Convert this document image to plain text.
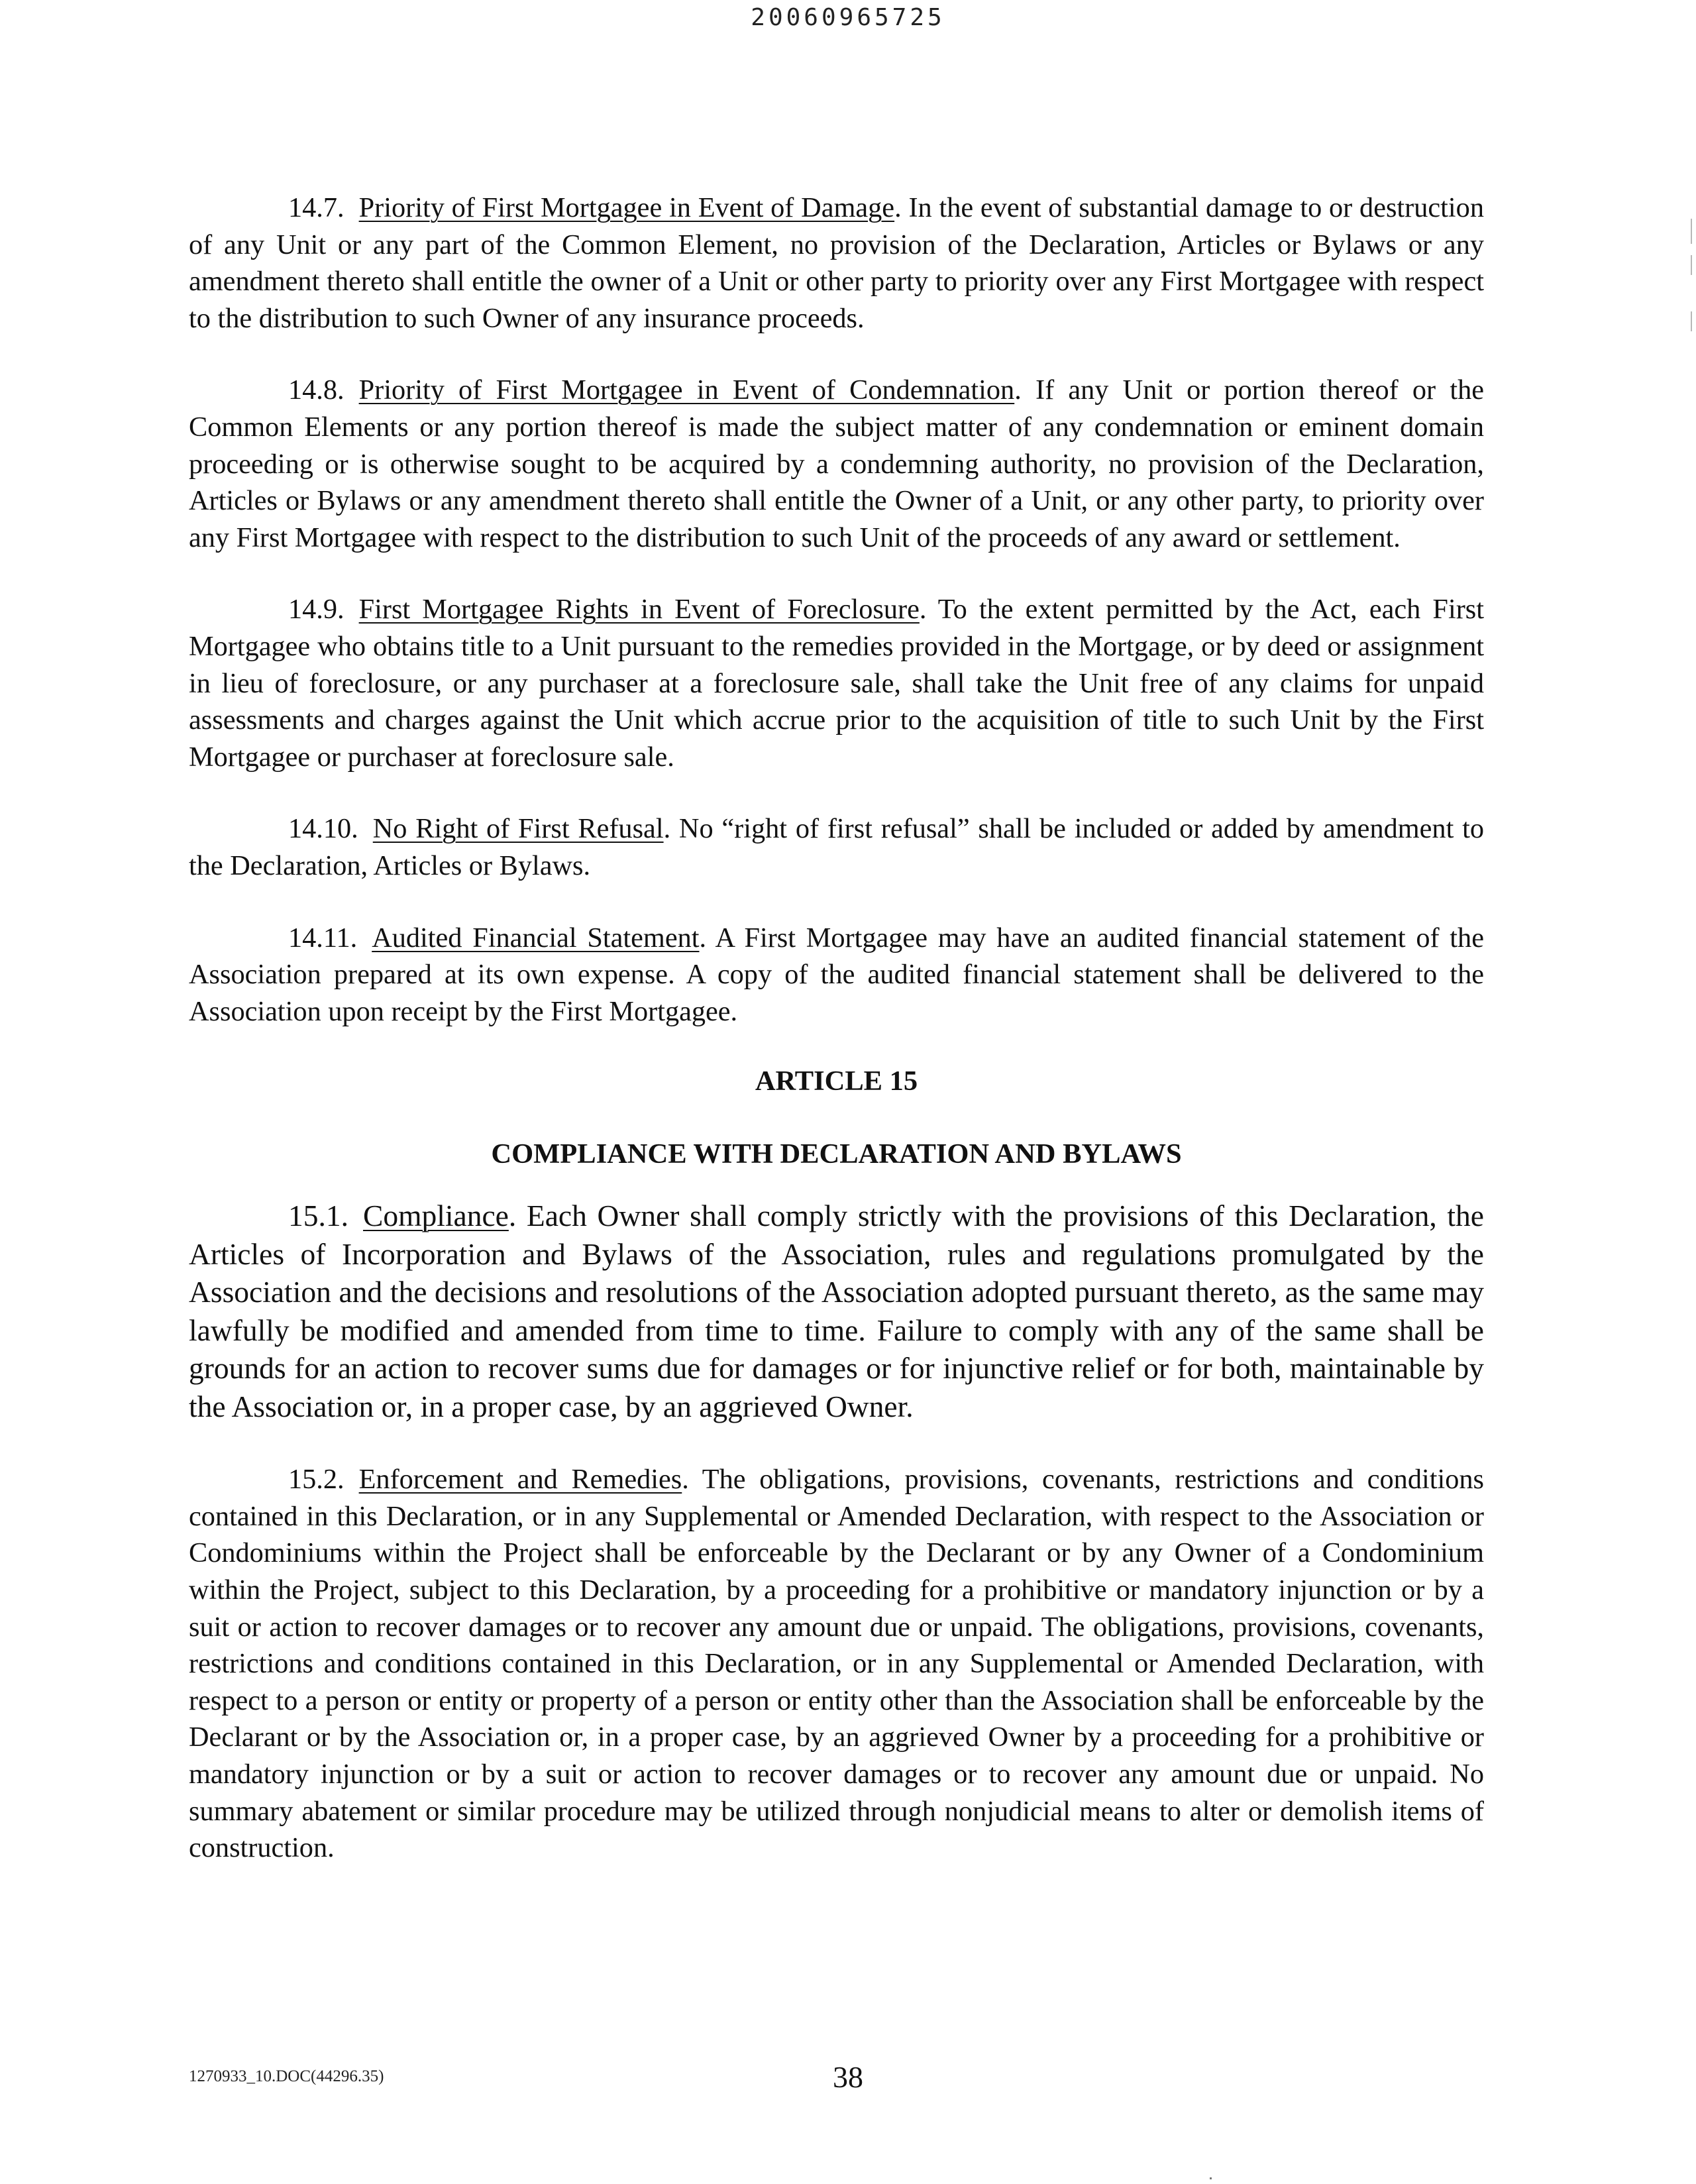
20060965725

14.7. Priority of First Mortgagee in Event of Damage. In the event of substantial damage to or destruction of any Unit or any part of the Common Element, no provision of the Declaration, Articles or Bylaws or any amendment thereto shall entitle the owner of a Unit or other party to priority over any First Mortgagee with respect to the distribution to such Owner of any insurance proceeds.

14.8. Priority of First Mortgagee in Event of Condemnation. If any Unit or portion thereof or the Common Elements or any portion thereof is made the subject matter of any condemnation or eminent domain proceeding or is otherwise sought to be acquired by a condemning authority, no provision of the Declaration, Articles or Bylaws or any amendment thereto shall entitle the Owner of a Unit, or any other party, to priority over any First Mortgagee with respect to the distribution to such Unit of the proceeds of any award or settlement.

14.9. First Mortgagee Rights in Event of Foreclosure. To the extent permitted by the Act, each First Mortgagee who obtains title to a Unit pursuant to the remedies provided in the Mortgage, or by deed or assignment in lieu of foreclosure, or any purchaser at a foreclosure sale, shall take the Unit free of any claims for unpaid assessments and charges against the Unit which accrue prior to the acquisition of title to such Unit by the First Mortgagee or purchaser at foreclosure sale.

14.10. No Right of First Refusal. No “right of first refusal” shall be included or added by amendment to the Declaration, Articles or Bylaws.

14.11. Audited Financial Statement. A First Mortgagee may have an audited financial statement of the Association prepared at its own expense. A copy of the audited financial statement shall be delivered to the Association upon receipt by the First Mortgagee.

ARTICLE 15
COMPLIANCE WITH DECLARATION AND BYLAWS

15.1. Compliance. Each Owner shall comply strictly with the provisions of this Declaration, the Articles of Incorporation and Bylaws of the Association, rules and regulations promulgated by the Association and the decisions and resolutions of the Association adopted pursuant thereto, as the same may lawfully be modified and amended from time to time. Failure to comply with any of the same shall be grounds for an action to recover sums due for damages or for injunctive relief or for both, maintainable by the Association or, in a proper case, by an aggrieved Owner.

15.2. Enforcement and Remedies. The obligations, provisions, covenants, restrictions and conditions contained in this Declaration, or in any Supplemental or Amended Declaration, with respect to the Association or Condominiums within the Project shall be enforceable by the Declarant or by any Owner of a Condominium within the Project, subject to this Declaration, by a proceeding for a prohibitive or mandatory injunction or by a suit or action to recover damages or to recover any amount due or unpaid. The obligations, provisions, covenants, restrictions and conditions contained in this Declaration, or in any Supplemental or Amended Declaration, with respect to a person or entity or property of a person or entity other than the Association shall be enforceable by the Declarant or by the Association or, in a proper case, by an aggrieved Owner by a proceeding for a prohibitive or mandatory injunction or by a suit or action to recover damages or to recover any amount due or unpaid. No summary abatement or similar procedure may be utilized through nonjudicial means to alter or demolish items of construction.

1270933_10.DOC(44296.35)	38
